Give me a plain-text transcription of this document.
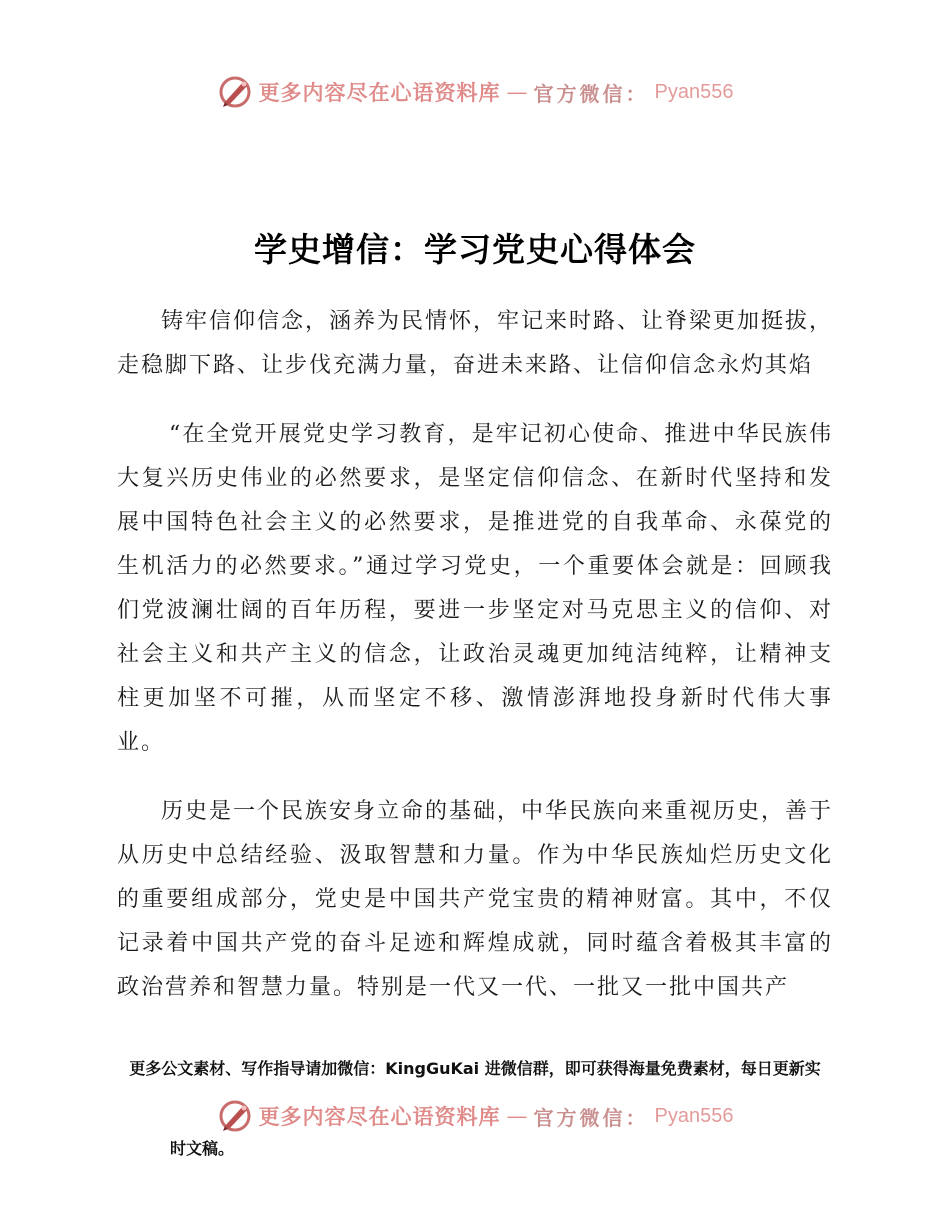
更多内容尽在心语资料库 — 官方微信： Pyan556
学史增信：学习党史心得体会

铸牢信仰信念，涵养为民情怀，牢记来时路、让脊梁更加挺拔，走稳脚下路、让步伐充满力量，奋进未来路、让信仰信念永灼其焰

“在全党开展党史学习教育，是牢记初心使命、推进中华民族伟大复兴历史伟业的必然要求，是坚定信仰信念、在新时代坚持和发展中国特色社会主义的必然要求，是推进党的自我革命、永葆党的生机活力的必然要求。”通过学习党史，一个重要体会就是：回顾我们党波澜壮阔的百年历程，要进一步坚定对马克思主义的信仰、对社会主义和共产主义的信念，让政治灵魂更加纯洁纯粹，让精神支柱更加坚不可摧，从而坚定不移、激情澎湃地投身新时代伟大事业。

历史是一个民族安身立命的基础，中华民族向来重视历史，善于从历史中总结经验、汲取智慧和力量。作为中华民族灿烂历史文化的重要组成部分，党史是中国共产党宝贵的精神财富。其中，不仅记录着中国共产党的奋斗足迹和辉煌成就，同时蕴含着极其丰富的政治营养和智慧力量。特别是一代又一代、一批又一批中国共产

更多公文素材、写作指导请加微信：KingGuKai 进微信群，即可获得海量免费素材，每日更新实
更多内容尽在心语资料库 — 官方微信： Pyan556
时文稿。
